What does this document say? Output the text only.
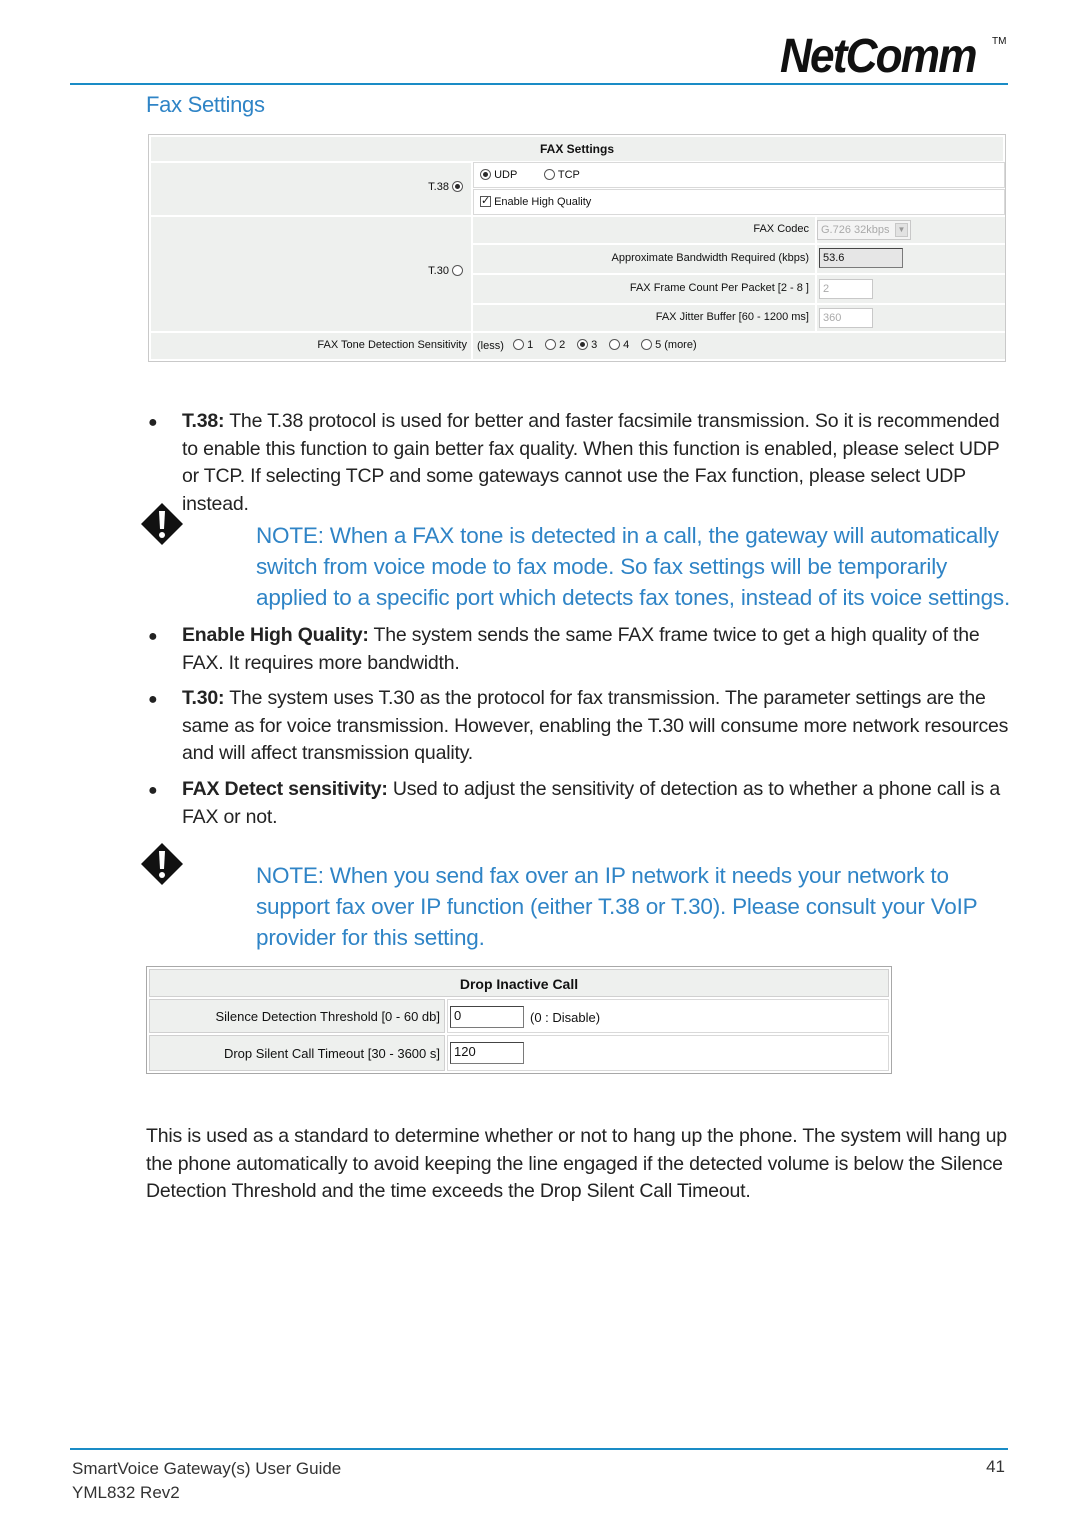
NetComm TM
Fax Settings
FAX Settings
T.38
UDP	TCP
✓ Enable High Quality
T.30
FAX Codec	G.726 32kbps	▼
Approximate Bandwidth Required (kbps)	53.6
FAX Frame Count Per Packet [2 - 8 ]	2
FAX Jitter Buffer [60 - 1200 ms]	360
FAX Tone Detection Sensitivity (less)	1	2	3	4	5 (more)
● T.38: The T.38 protocol is used for better and faster facsimile transmission. So it is recommended to enable this function to gain better fax quality. When this function is enabled, please select UDP or TCP. If selecting TCP and some gateways cannot use the Fax function, please select UDP instead.
NOTE: When a FAX tone is detected in a call, the gateway will automatically switch from voice mode to fax mode. So fax settings will be temporarily applied to a specific port which detects fax tones, instead of its voice settings.
● Enable High Quality: The system sends the same FAX frame twice to get a high quality of the FAX. It requires more bandwidth.
● T.30: The system uses T.30 as the protocol for fax transmission. The parameter settings are the same as for voice transmission. However, enabling the T.30 will consume more network resources and will affect transmission quality.
● FAX Detect sensitivity: Used to adjust the sensitivity of detection as to whether a phone call is a FAX or not.
NOTE: When you send fax over an IP network it needs your network to support fax over IP function (either T.38 or T.30). Please consult your VoIP provider for this setting.
Drop Inactive Call
Silence Detection Threshold [0 - 60 db]	0	(0 : Disable)
Drop Silent Call Timeout [30 - 3600 s]	120
This is used as a standard to determine whether or not to hang up the phone. The system will hang up the phone automatically to avoid keeping the line engaged if the detected volume is below the Silence Detection Threshold and the time exceeds the Drop Silent Call Timeout.
SmartVoice Gateway(s) User Guide
YML832 Rev2
41
